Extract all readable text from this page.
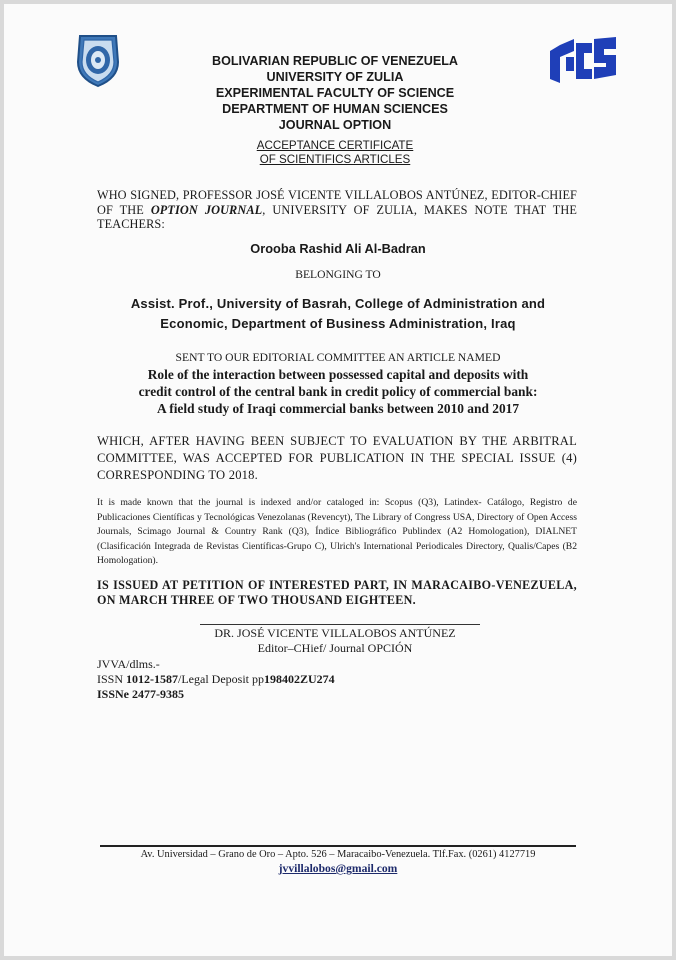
BOLIVARIAN REPUBLIC OF VENEZUELA
UNIVERSITY OF ZULIA
EXPERIMENTAL FACULTY OF SCIENCE
DEPARTMENT OF HUMAN SCIENCES
JOURNAL OPTION
ACCEPTANCE CERTIFICATE
OF SCIENTIFICS ARTICLES
WHO SIGNED, PROFESSOR JOSÉ VICENTE VILLALOBOS ANTÚNEZ, EDITOR-CHIEF OF THE OPTION JOURNAL, UNIVERSITY OF ZULIA, MAKES NOTE THAT THE TEACHERS:
Orooba Rashid Ali Al-Badran
BELONGING TO
Assist. Prof., University of Basrah, College of Administration and
Economic, Department of Business Administration, Iraq
SENT TO OUR EDITORIAL COMMITTEE AN ARTICLE NAMED
Role of the interaction between possessed capital and deposits with
credit control of the central bank in credit policy of commercial bank:
A field study of Iraqi commercial banks between 2010 and 2017
WHICH, AFTER HAVING BEEN SUBJECT TO EVALUATION BY THE ARBITRAL COMMITTEE, WAS ACCEPTED FOR PUBLICATION IN THE SPECIAL ISSUE (4) CORRESPONDING TO 2018.
It is made known that the journal is indexed and/or cataloged in: Scopus (Q3), Latindex- Catálogo, Registro de Publicaciones Científicas y Tecnológicas Venezolanas (Revencyt), The Library of Congress USA, Directory of Open Access Journals, Scimago Journal & Country Rank (Q3), Índice Bibliográfico Publindex (A2 Homologation), DIALNET (Clasificación Integrada de Revistas Científicas-Grupo C), Ulrich's International Periodicales Directory, Qualis/Capes (B2 Homologation).
IS ISSUED AT PETITION OF INTERESTED PART, IN MARACAIBO-VENEZUELA, ON MARCH THREE OF TWO THOUSAND EIGHTEEN.
DR. JOSÉ VICENTE VILLALOBOS ANTÚNEZ
Editor–CHief/ Journal OPCIÓN
JVVA/dlms.-
ISSN 1012-1587/Legal Deposit pp198402ZU274
ISSNe 2477-9385
Av. Universidad – Grano de Oro – Apto. 526 – Maracaibo-Venezuela. Tlf.Fax. (0261) 4127719
jvvillalobos@gmail.com
